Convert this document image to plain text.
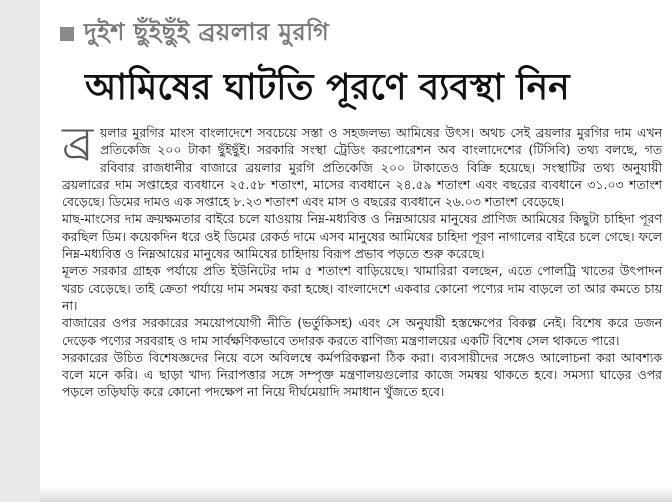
দুইশ ছুঁইছুঁই ব্রয়লার মুরগি
আমিষের ঘাটতি পূরণে ব্যবস্থা নিন

ব্র য়লার মুরগির মাংস বাংলাদেশে সবচেয়ে সস্তা ও সহজলভ্য আমিষের উৎস। অথচ সেই ব্রয়লার মুরগির দাম এখন প্রতিকেজি ২০০ টাকা ছুঁইছুঁই। সরকারি সংস্থা ট্রেডিং করপোরেশন অব বাংলাদেশের (টিসিবি) তথ্য বলছে, গত রবিবার রাজধানীর বাজারে ব্রয়লার মুরগি প্রতিকেজি ২০০ টাকাতেও বিক্রি হয়েছে। সংস্থাটির তথ্য অনুযায়ী ব্রয়লারের দাম সপ্তাহের ব্যবধানে ২৫.৫৮ শতাংশ, মাসের ব্যবধানে ২৪.৫৯ শতাংশ এবং বছরের ব্যবধানে ৩১.০৩ শতাংশ বেড়েছে। ডিমের দামও এক সপ্তাহে ৮.২৩ শতাংশ এবং মাস ও বছরের ব্যবধানে ২৬.০৩ শতাংশ বেড়েছে।

মাছ-মাংসের দাম ক্রয়ক্ষমতার বাইরে চলে যাওয়ায় নিম্ন-মধ্যবিত্ত ও নিম্নআয়ের মানুষের প্রাণিজ আমিষের কিছুটা চাহিদা পূরণ করছিল ডিম। কয়েকদিন ধরে ওই ডিমের রেকর্ড দামে এসব মানুষের আমিষের চাহিদা পূরণ নাগালের বাইরে চলে গেছে। ফলে নিম্ন-মধ্যবিত্ত ও নিম্নআয়ের মানুষের আমিষের চাহিদায় বিরূপ প্রভাব পড়তে শুরু করেছে।

মূলত সরকার গ্রাহক পর্যায়ে প্রতি ইউনিটের দাম ৫ শতাংশ বাড়িয়েছে। খামারিরা বলছেন, এতে পোলট্রি খাতের উৎপাদন খরচ বেড়েছে। তাই ক্রেতা পর্যায়ে দাম সমন্বয় করা হচ্ছে। বাংলাদেশে একবার কোনো পণ্যের দাম বাড়লে তা আর কমতে চায় না।

বাজারের ওপর সরকারের সময়োপযোগী নীতি (ভর্তুকিসহ) এবং সে অনুযায়ী হস্তক্ষেপের বিকল্প নেই। বিশেষ করে ডজন দেড়েক পণ্যের সরবরাহ ও দাম সার্বক্ষণিকভাবে তদারক করতে বাণিজ্য মন্ত্রণালয়ের একটি বিশেষ সেল থাকতে পারে।

সরকারের উচিত বিশেষজ্ঞদের নিয়ে বসে অবিলম্বে কর্মপরিকল্পনা ঠিক করা। ব্যবসায়ীদের সঙ্গেও আলোচনা করা আবশ্যক বলে মনে করি। এ ছাড়া খাদ্য নিরাপত্তার সঙ্গে সম্পৃক্ত মন্ত্রণালয়গুলোর কাজে সমন্বয় থাকতে হবে। সমস্যা ঘাড়ের ওপর পড়লে তড়িঘড়ি করে কোনো পদক্ষেপ না নিয়ে দীর্ঘমেয়াদি সমাধান খুঁজতে হবে।
